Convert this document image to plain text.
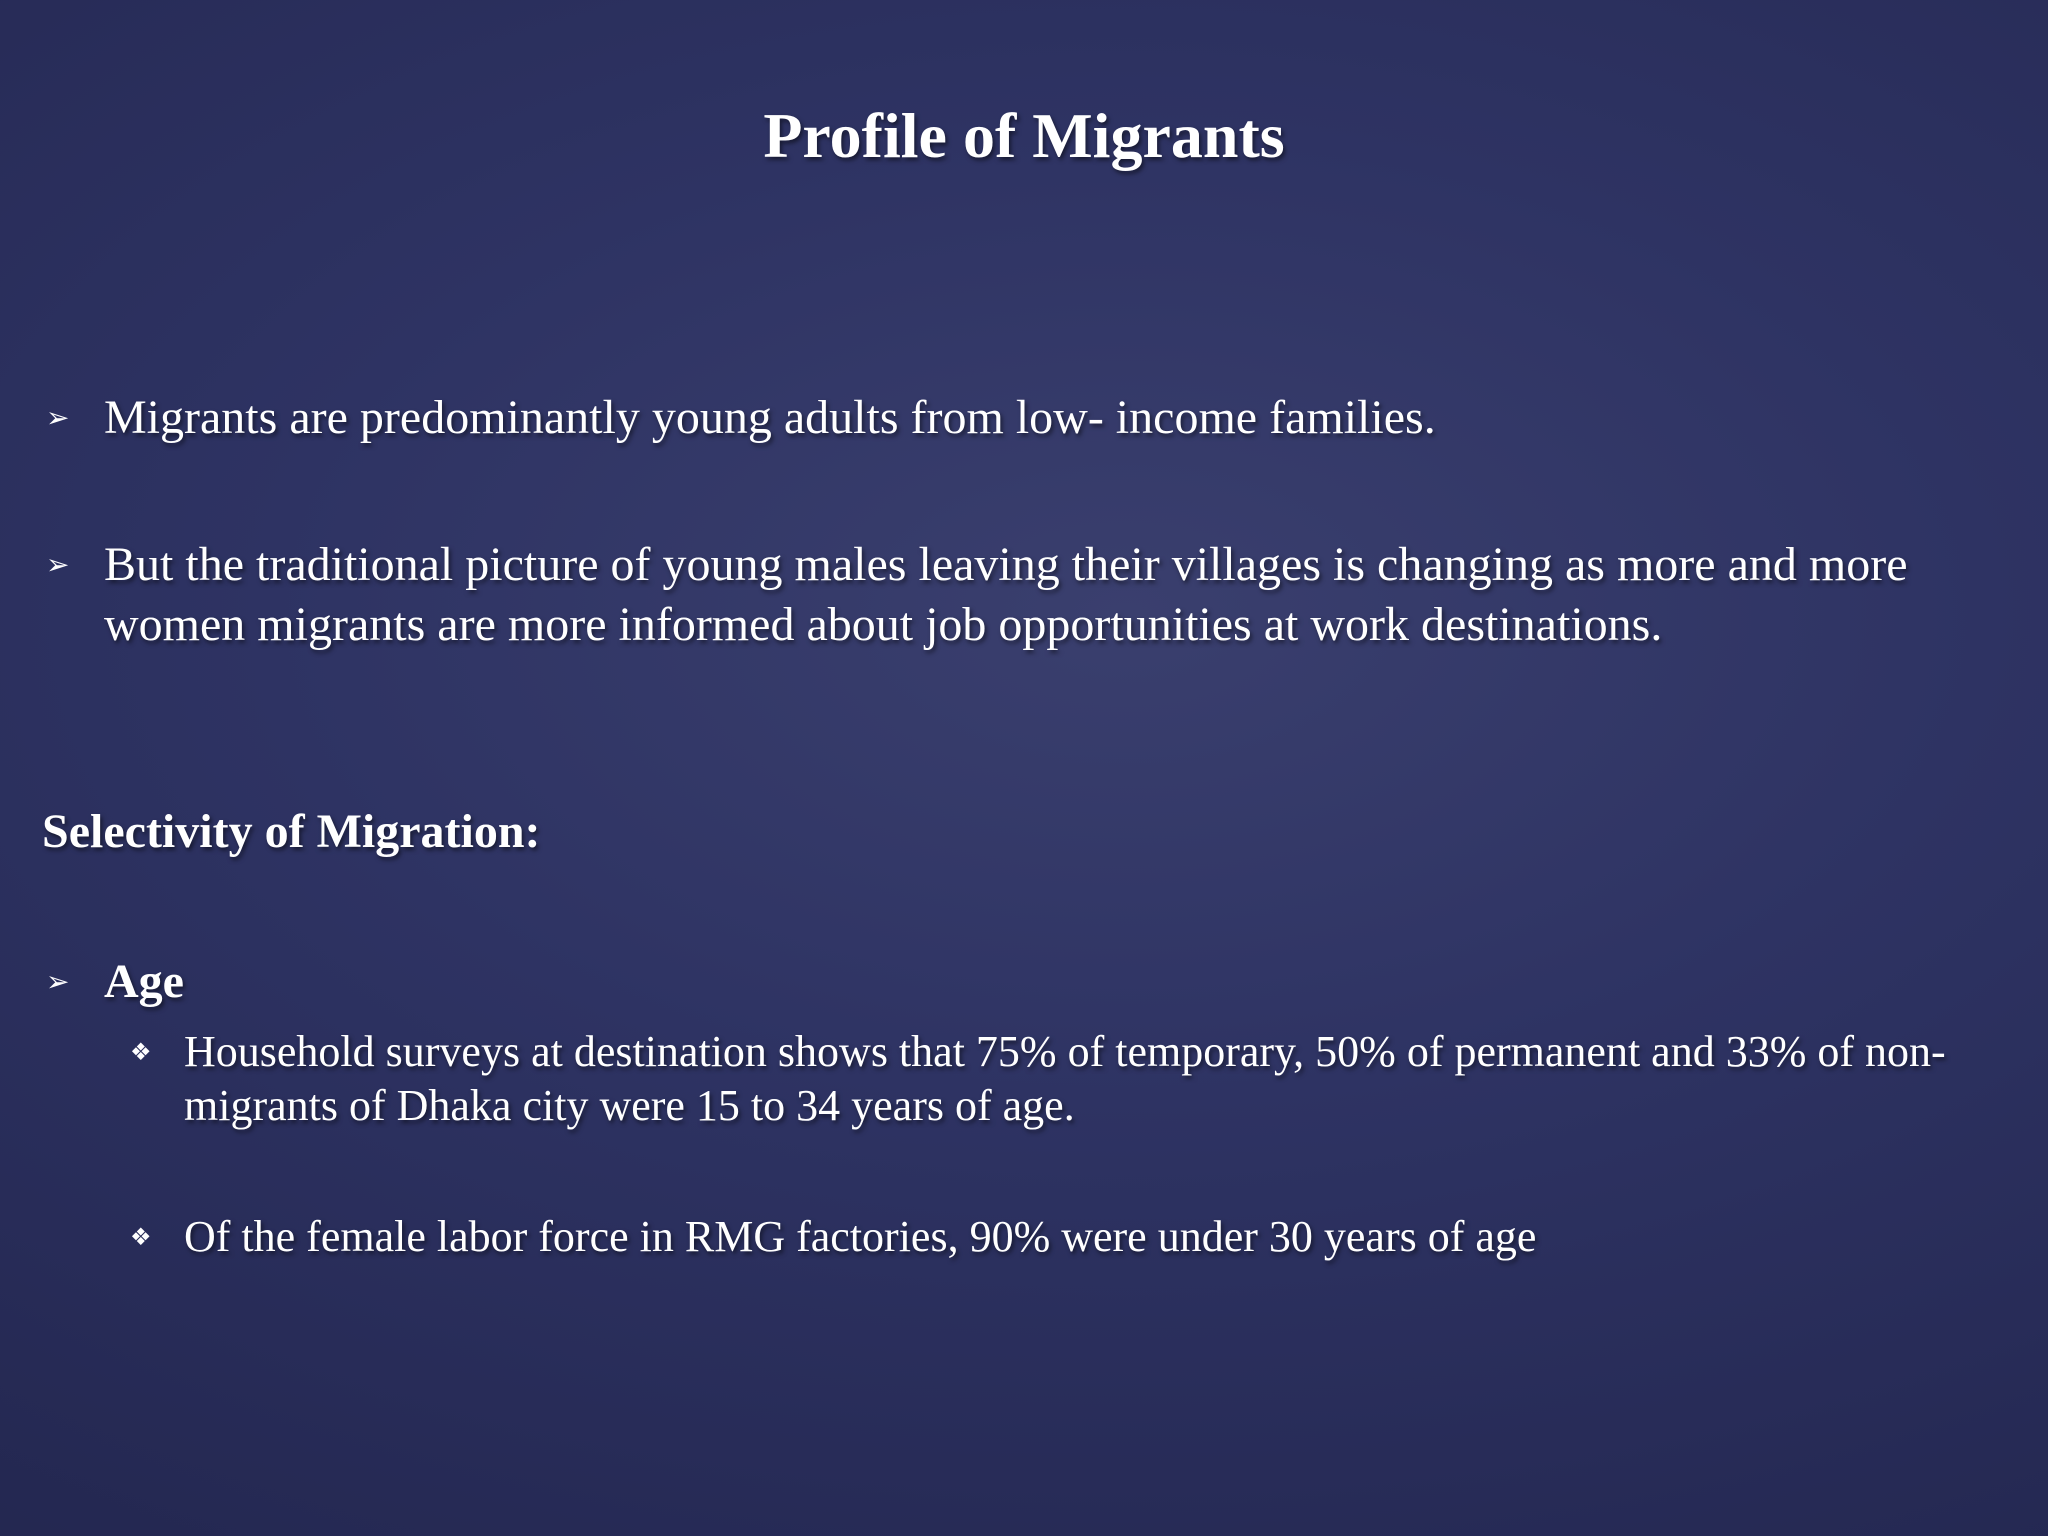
Profile of Migrants
➢ Migrants are predominantly young adults from low- income families.
➢ But the traditional picture of young males leaving their villages is changing as more and more women migrants are more informed about job opportunities at work destinations.
Selectivity of Migration:
➢ Age
❖ Household surveys at destination shows that 75% of temporary, 50% of permanent and 33% of non-migrants of Dhaka city were 15 to 34 years of age.
❖ Of the female labor force in RMG factories, 90% were under 30 years of age
